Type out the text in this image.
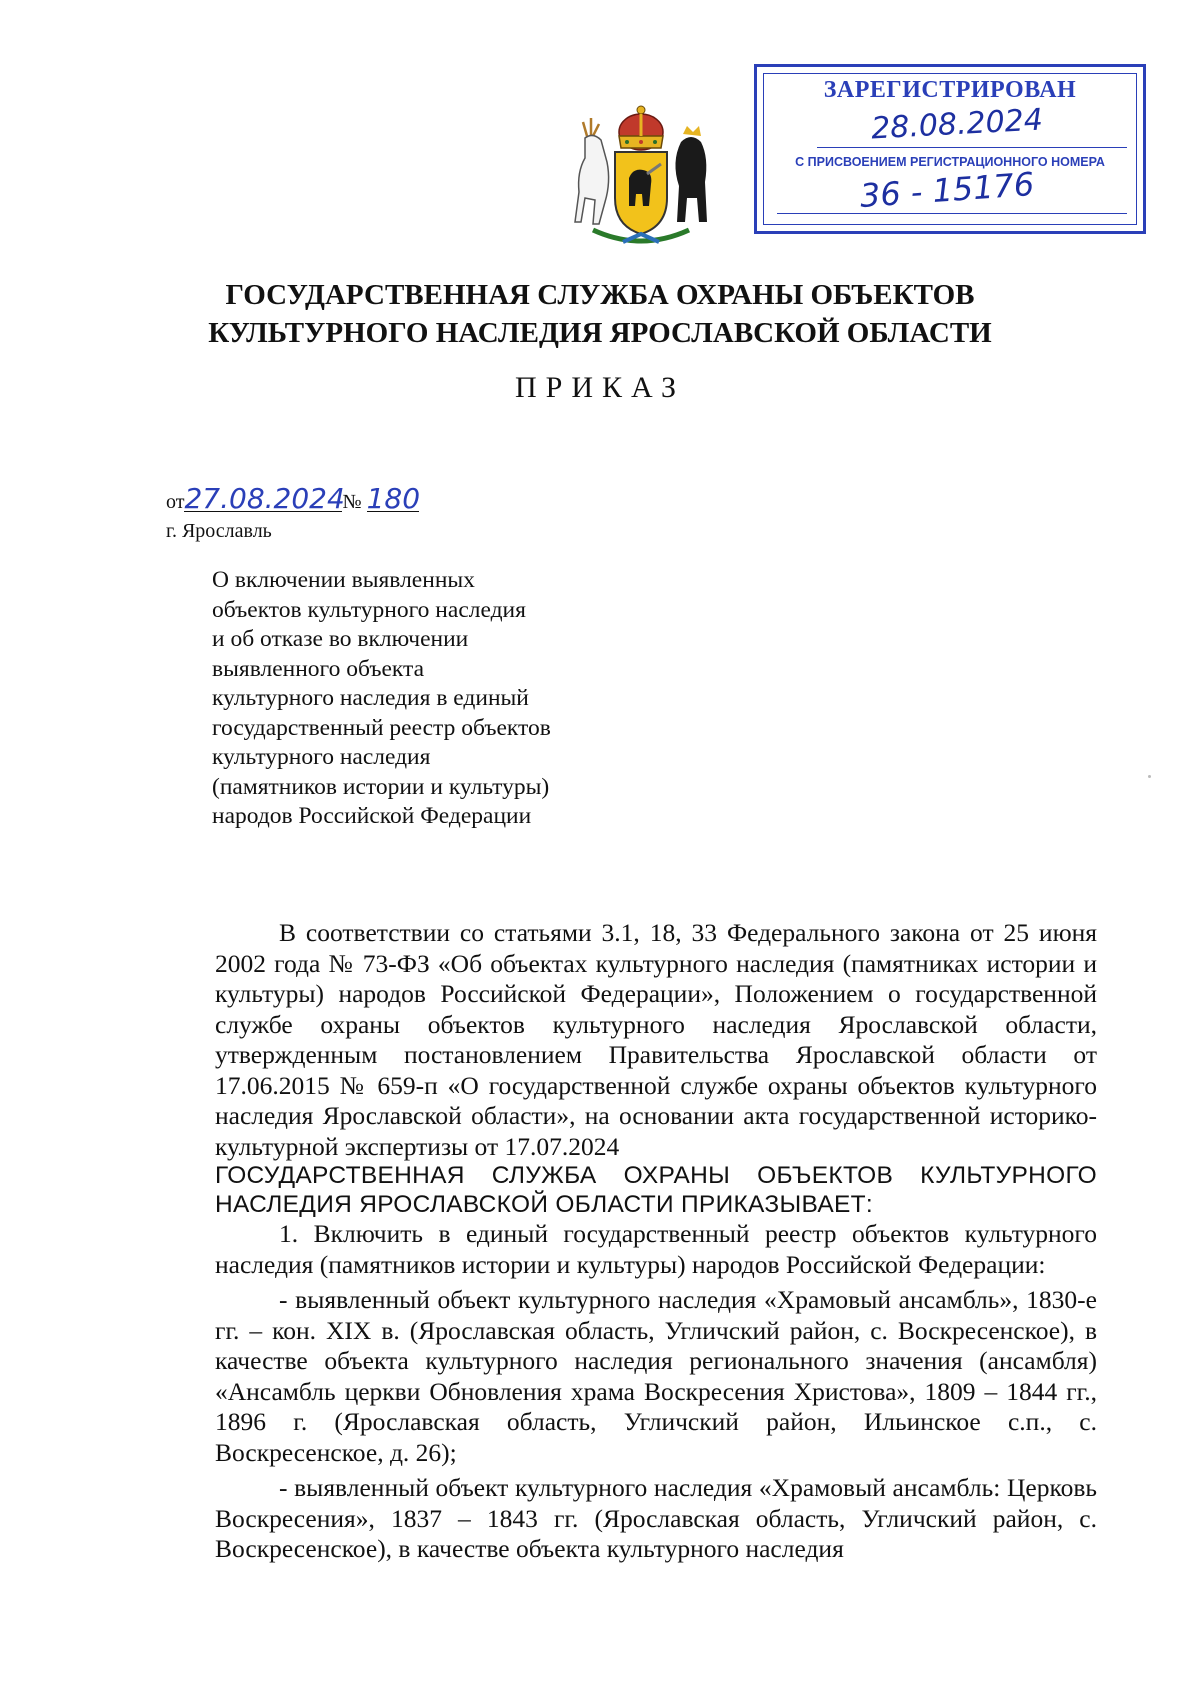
ЗАРЕГИСТРИРОВАН
28.08.2024
С ПРИСВОЕНИЕМ РЕГИСТРАЦИОННОГО НОМЕРА
36 - 15176
ГОСУДАРСТВЕННАЯ СЛУЖБА ОХРАНЫ ОБЪЕКТОВ
КУЛЬТУРНОГО НАСЛЕДИЯ ЯРОСЛАВСКОЙ ОБЛАСТИ
ПРИКАЗ
от27.08.2024№ 180
г. Ярославль
О включении выявленных
объектов культурного наследия
и об отказе во включении
выявленного объекта
культурного наследия в единый
государственный реестр объектов
культурного наследия
(памятников истории и культуры)
народов Российской Федерации

В соответствии со статьями 3.1, 18, 33 Федерального закона от 25 июня 2002 года № 73-ФЗ «Об объектах культурного наследия (памятниках истории и культуры) народов Российской Федерации», Положением о государственной службе охраны объектов культурного наследия Ярославской области, утвержденным постановлением Правительства Ярославской области от 17.06.2015 № 659-п «О государственной службе охраны объектов культурного наследия Ярославской области», на основании акта государственной историко-культурной экспертизы от 17.07.2024

ГОСУДАРСТВЕННАЯ СЛУЖБА ОХРАНЫ ОБЪЕКТОВ КУЛЬТУРНОГО НАСЛЕДИЯ ЯРОСЛАВСКОЙ ОБЛАСТИ ПРИКАЗЫВАЕТ:

1. Включить в единый государственный реестр объектов культурного наследия (памятников истории и культуры) народов Российской Федерации:

- выявленный объект культурного наследия «Храмовый ансамбль», 1830-е гг. – кон. XIX в. (Ярославская область, Угличский район, с. Воскресенское), в качестве объекта культурного наследия регионального значения (ансамбля) «Ансамбль церкви Обновления храма Воскресения Христова», 1809 – 1844 гг., 1896 г. (Ярославская область, Угличский район, Ильинское с.п., с. Воскресенское, д. 26);

- выявленный объект культурного наследия «Храмовый ансамбль: Церковь Воскресения», 1837 – 1843 гг. (Ярославская область, Угличский район, с. Воскресенское), в качестве объекта культурного наследия
